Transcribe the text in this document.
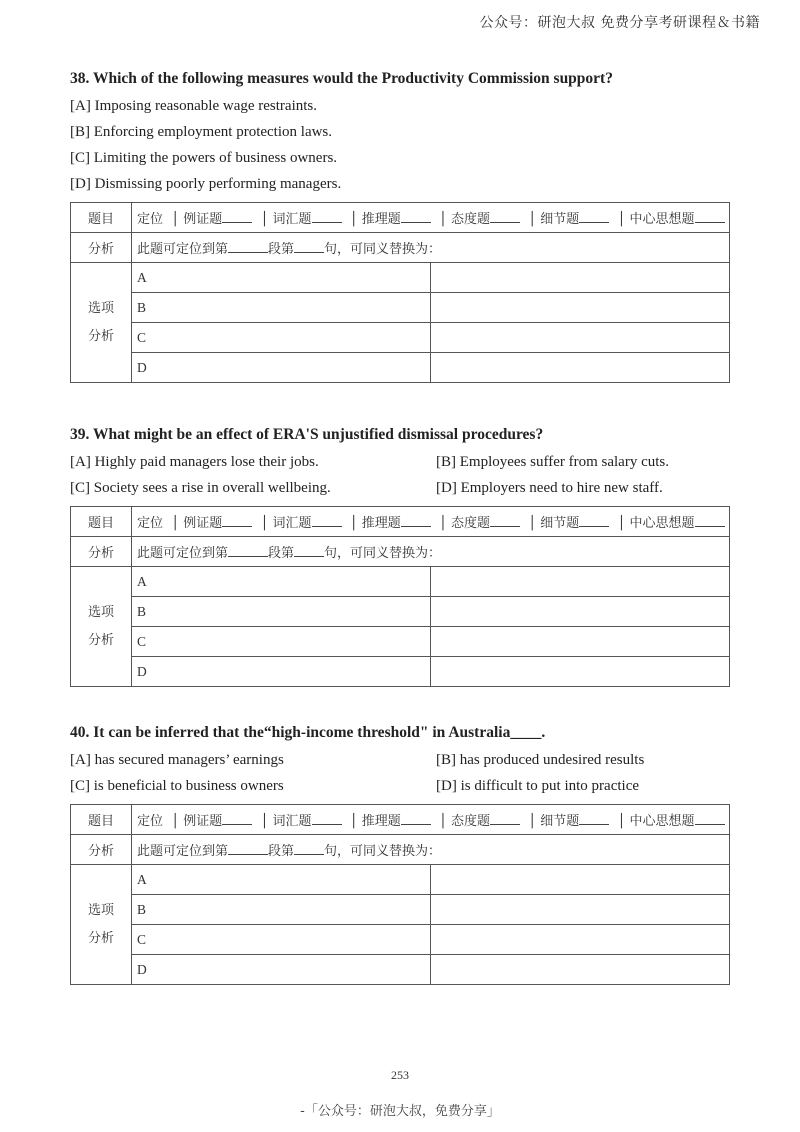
公众号：研泡大叔 免费分享考研课程＆书籍
38. Which of the following measures would the Productivity Commission support?
[A] Imposing reasonable wage restraints.
[B] Enforcing employment protection laws.
[C] Limiting the powers of business owners.
[D] Dismissing poorly performing managers.
题目	定位  │ 例证题  │ 词汇题  │ 推理题  │ 态度题  │ 细节题  │ 中心思想题	
分析	此题可定位到第 段第 句，可同义替换为：	
选项
分析	A	
	B	
	C	
	D	
39. What might be an effect of ERA'S unjustified dismissal procedures?
[A] Highly paid managers lose their jobs.	[B] Employees suffer from salary cuts.
[C] Society sees a rise in overall wellbeing.	[D] Employers need to hire new staff.
题目	定位  │ 例证题  │ 词汇题  │ 推理题  │ 态度题  │ 细节题  │ 中心思想题	
分析	此题可定位到第 段第 句，可同义替换为：	
选项
分析	A	
	B	
	C	
	D	
40. It can be inferred that the“high-income threshold" in Australia____.
[A] has secured managers’ earnings	[B] has produced undesired results
[C] is beneficial to business owners	[D] is difficult to put into practice
题目	定位  │ 例证题  │ 词汇题  │ 推理题  │ 态度题  │ 细节题  │ 中心思想题	
分析	此题可定位到第 段第 句，可同义替换为：	
选项
分析	A	
	B	
	C	
	D	
253
-「公众号：研泡大叔，免费分享」
